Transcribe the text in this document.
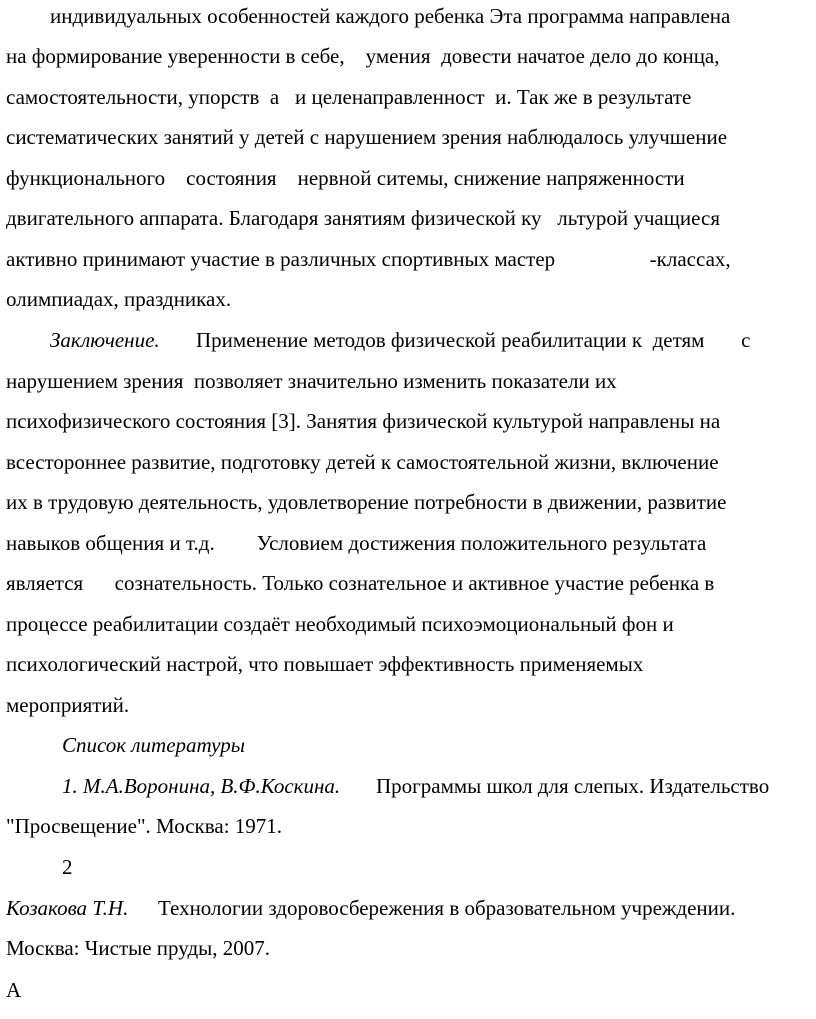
индивидуальных особенностей каждого ребенка Эта программа направлена
на формирование уверенности в себе,    умения  довести начатое дело до конца,
самостоятельности, упорств  а   и целенаправленност  и. Так же в результате
систематических занятий у детей с нарушением зрения наблюдалось улучшение
функционального    состояния    нервной ситемы, снижение напряженности
двигательного аппарата. Благодаря занятиям физической ку   льтурой учащиеся
активно принимают участие в различных спортивных мастер                  -классах,
олимпиадах, праздниках.
Заключение. Применение методов физической реабилитации к  детям       с
нарушением зрения  позволяет значительно изменить показатели их
психофизического состояния [3]. Занятия физической культурой направлены на
всестороннее развитие, подготовку детей к самостоятельной жизни, включение
их в трудовую деятельность, удовлетворение потребности в движении, развитие
навыков общения и т.д.        Условием достижения положительного результата
является      сознательность. Только сознательное и активное участие ребенка в
процессе реабилитации создаёт необходимый психоэмоциональный фон и
психологический настрой, что повышает эффективность применяемых
мероприятий.
Список литературы
1. М.А.Воронина, В.Ф.Коскина. Программы школ для слепых. Издательство
"Просвещение". Москва: 1971.
2
Козакова Т.Н. Технологии здоровосбережения в образовательном учреждении.
Москва: Чистые пруды, 2007.
А
